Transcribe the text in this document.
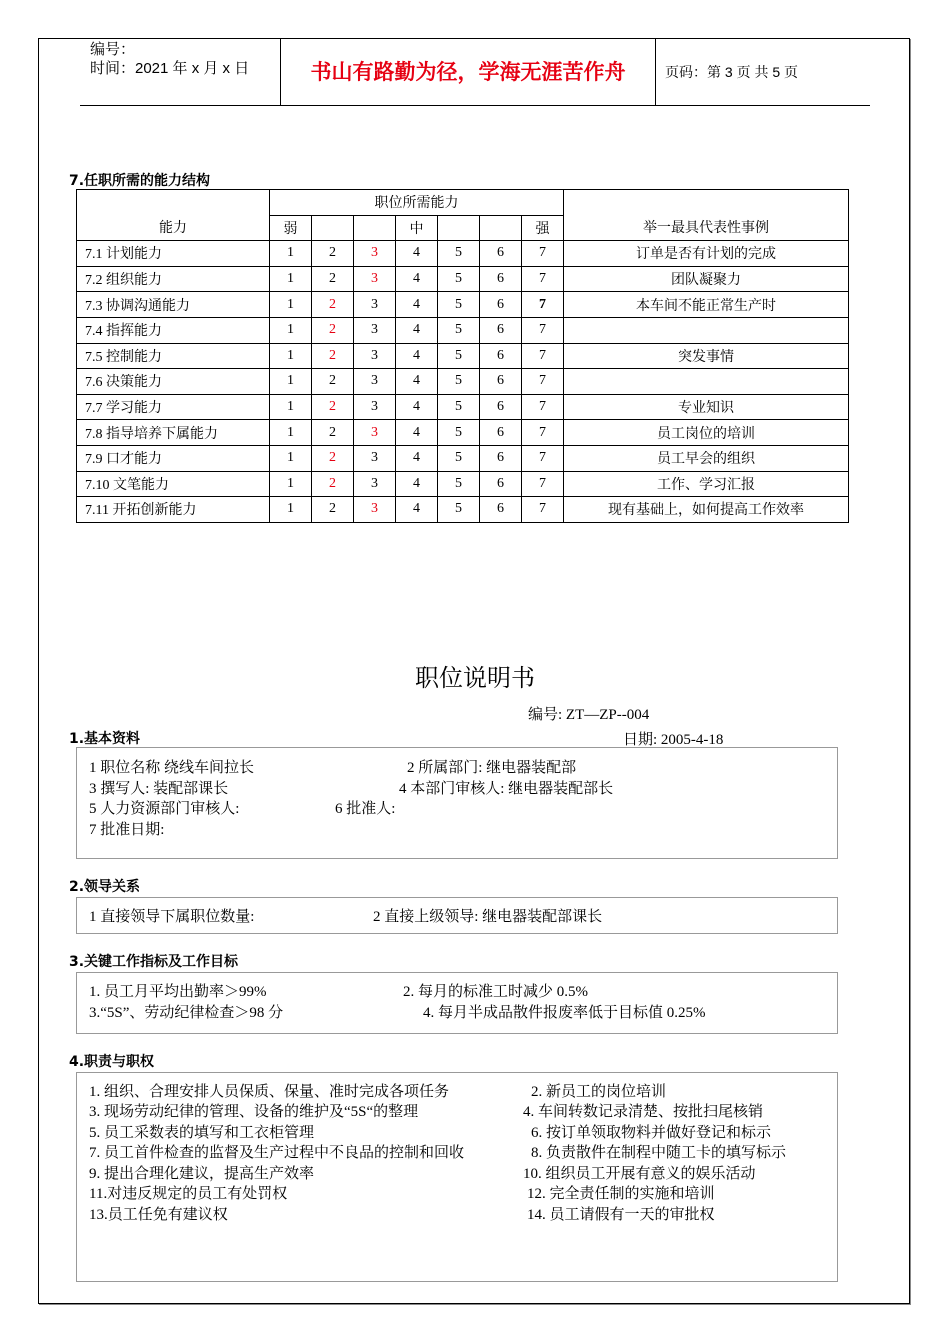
编号：
时间：2021 年 x 月 x 日	书山有路勤为径，学海无涯苦作舟	页码：第 3 页 共 5 页
7.任职所需的能力结构
能力	职位所需能力							举一最具代表性事例
	弱			中			强	
7.1 计划能力	1	2	3	4	5	6	7	订单是否有计划的完成
7.2 组织能力	1	2	3	4	5	6	7	团队凝聚力
7.3 协调沟通能力	1	2	3	4	5	6	7	本车间不能正常生产时
7.4 指挥能力	1	2	3	4	5	6	7	
7.5 控制能力	1	2	3	4	5	6	7	突发事情
7.6 决策能力	1	2	3	4	5	6	7	
7.7 学习能力	1	2	3	4	5	6	7	专业知识
7.8 指导培养下属能力	1	2	3	4	5	6	7	员工岗位的培训
7.9 口才能力	1	2	3	4	5	6	7	员工早会的组织
7.10 文笔能力	1	2	3	4	5	6	7	工作、学习汇报
7.11 开拓创新能力	1	2	3	4	5	6	7	现有基础上，如何提高工作效率
职位说明书
编号: ZT—ZP--004
1.基本资料	日期: 2005-4-18
1 职位名称 绕线车间拉长	2 所属部门: 继电器装配部
3 撰写人: 装配部课长	4 本部门审核人: 继电器装配部长
5 人力资源部门审核人:	6 批准人:
7 批准日期:
2.领导关系
1 直接领导下属职位数量:	2 直接上级领导: 继电器装配部课长
3.关键工作指标及工作目标
1. 员工月平均出勤率＞99%	2. 每月的标准工时减少 0.5%
3.“5S”、劳动纪律检查＞98 分	4. 每月半成品散件报废率低于目标值 0.25%
4.职责与职权
1. 组织、合理安排人员保质、保量、准时完成各项任务	2. 新员工的岗位培训
3. 现场劳动纪律的管理、设备的维护及“5S“的整理	4. 车间转数记录清楚、按批扫尾核销
5. 员工采数表的填写和工衣柜管理	6. 按订单领取物料并做好登记和标示
7. 员工首件检查的监督及生产过程中不良品的控制和回收	8. 负责散件在制程中随工卡的填写标示
9. 提出合理化建议，提高生产效率	10. 组织员工开展有意义的娱乐活动
11.对违反规定的员工有处罚权	12. 完全责任制的实施和培训
13.员工任免有建议权	14. 员工请假有一天的审批权
